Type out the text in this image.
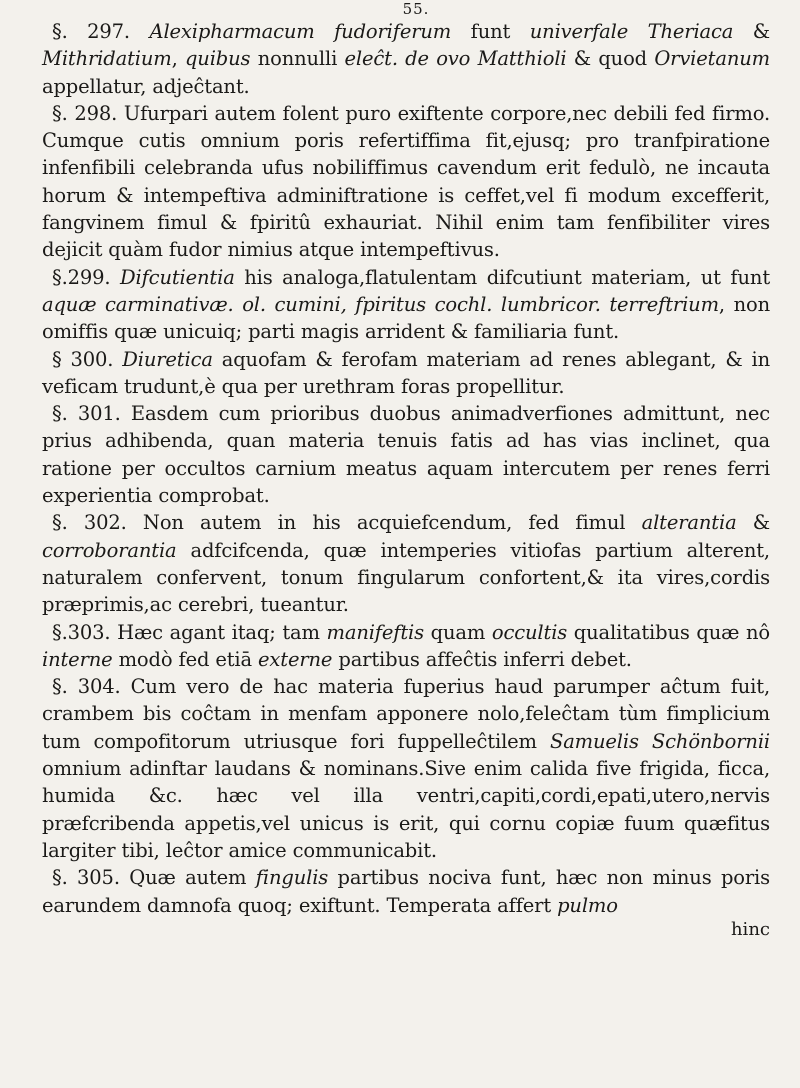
55.

§. 297. Alexipharmacum fudoriferum funt univerfale Theriaca & Mithridatium, quibus nonnulli eleĉt. de ovo Matthioli & quod Orvietanum appellatur, adjeĉtant.

§. 298. Ufurpari autem folent puro exiftente corpore,nec debili fed firmo. Cumque cutis omnium poris refertiffima fit,ejusq; pro tranfpiratione infenfibili celebranda ufus nobiliffimus cavendum erit fedulò, ne incauta horum & intempeftiva adminiftratione is ceffet,vel fi modum excefferit, fangvinem fimul & fpiritû exhauriat. Nihil enim tam fenfibiliter vires dejicit quàm fudor nimius atque intempeftivus.

§.299. Difcutientia his analoga,flatulentam difcutiunt materiam, ut funt aquæ carminativæ. ol. cumini, fpiritus cochl. lumbricor. terreftrium, non omiffis quæ unicuiq; parti magis arrident & familiaria funt.

§ 300. Diuretica aquofam & ferofam materiam ad renes ablegant, & in veficam trudunt,è qua per urethram foras propellitur.

§. 301. Easdem cum prioribus duobus animadverfiones admittunt, nec prius adhibenda, quan materia tenuis fatis ad has vias inclinet, qua ratione per occultos carnium meatus aquam intercutem per renes ferri experientia comprobat.

§. 302. Non autem in his acquiefcendum, fed fimul alterantia & corroborantia adfcifcenda, quæ intemperies vitiofas partium alterent, naturalem confervent, tonum fingularum confortent,& ita vires,cordis præprimis,ac cerebri, tueantur.

§.303. Hæc agant itaq; tam manifeftis quam occultis qualitatibus quæ nô interne modò fed etiā externe partibus affeĉtis inferri debet.

§. 304. Cum vero de hac materia fuperius haud parumper aĉtum fuit, crambem bis coĉtam in menfam apponere nolo,feleĉtam tùm fimplicium tum compofitorum utriusque fori fuppelleĉtilem Samuelis Schönbornii omnium adinftar laudans & nominans.Sive enim calida five frigida, ficca, humida &c. hæc vel illa ventri,capiti,cordi,epati,utero,nervis præfcribenda appetis,vel unicus is erit, qui cornu copiæ fuum quæfitus largiter tibi, leĉtor amice communicabit.

§. 305. Quæ autem fingulis partibus nociva funt, hæc non minus poris earundem damnofa quoq; exiftunt. Temperata affert pulmo

hinc
